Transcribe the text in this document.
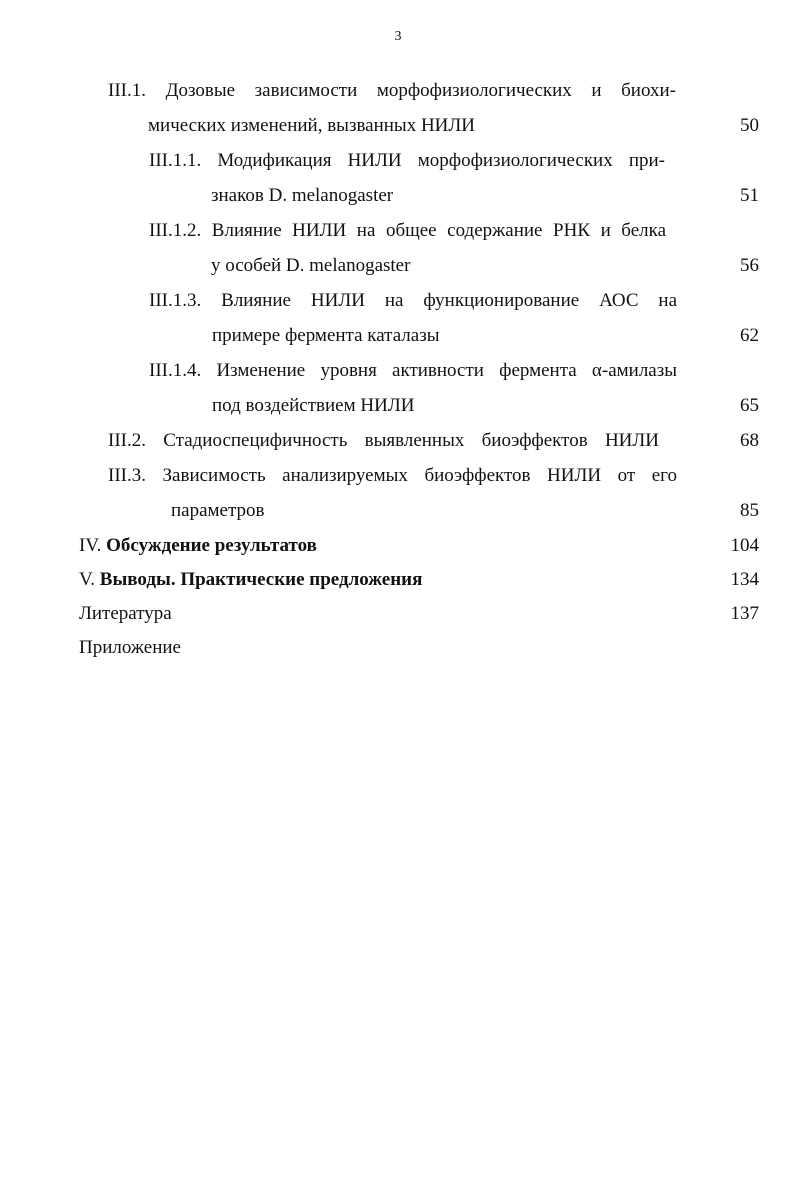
3
III.1. Дозовые зависимости морфофизиологических и биохи-
мических изменений, вызванных НИЛИ	50
III.1.1. Модификация НИЛИ морфофизиологических при-
знаков D. melanogaster	51
III.1.2. Влияние НИЛИ на общее содержание РНК и белка
у особей D. melanogaster	56
III.1.3. Влияние НИЛИ на функционирование АОС на
примере фермента каталазы	62
III.1.4. Изменение уровня активности фермента α-амилазы
под воздействием НИЛИ	65
III.2. Стадиоспецифичность выявленных биоэффектов НИЛИ	68
III.3. Зависимость анализируемых биоэффектов НИЛИ от его
параметров	85
IV. Обсуждение результатов	104
V. Выводы. Практические предложения	134
Литература	137
Приложение
